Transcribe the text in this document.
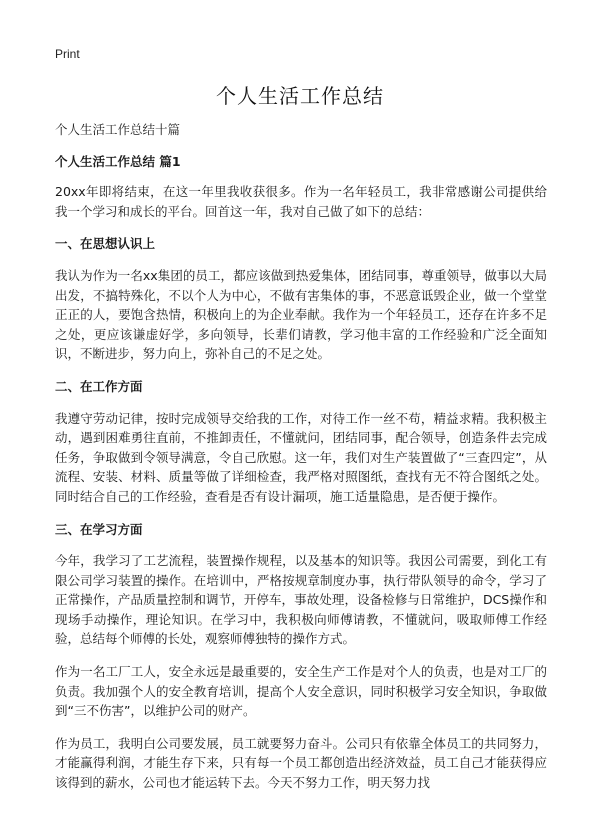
Print
个人生活工作总结

个人生活工作总结十篇

个人生活工作总结 篇1

20xx年即将结束，在这一年里我收获很多。作为一名年轻员工，我非常感谢公司提供给我一个学习和成长的平台。回首这一年，我对自己做了如下的总结：

一、在思想认识上

我认为作为一名xx集团的员工，都应该做到热爱集体，团结同事，尊重领导，做事以大局出发，不搞特殊化，不以个人为中心，不做有害集体的事，不恶意诋毁企业，做一个堂堂正正的人，要饱含热情，积极向上的为企业奉献。我作为一个年轻员工，还存在许多不足之处，更应该谦虚好学，多向领导，长辈们请教，学习他丰富的工作经验和广泛全面知识，不断进步，努力向上，弥补自己的不足之处。

二、在工作方面

我遵守劳动记律，按时完成领导交给我的工作，对待工作一丝不苟，精益求精。我积极主动，遇到困难勇往直前，不推卸责任，不懂就问，团结同事，配合领导，创造条件去完成任务，争取做到令领导满意，令自己欣慰。这一年，我们对生产装置做了“三查四定”，从流程、安装、材料、质量等做了详细检查，我严格对照图纸，查找有无不符合图纸之处。同时结合自己的工作经验，查看是否有设计漏项，施工适量隐患，是否便于操作。

三、在学习方面

今年，我学习了工艺流程，装置操作规程，以及基本的知识等。我因公司需要，到化工有限公司学习装置的操作。在培训中，严格按规章制度办事，执行带队领导的命令，学习了正常操作，产品质量控制和调节，开停车，事故处理，设备检修与日常维护，DCS操作和现场手动操作，理论知识。在学习中，我积极向师傅请教，不懂就问，吸取师傅工作经验，总结每个师傅的长处，观察师傅独特的操作方式。

作为一名工厂工人，安全永远是最重要的，安全生产工作是对个人的负责，也是对工厂的负责。我加强个人的安全教育培训，提高个人安全意识，同时积极学习安全知识，争取做到“三不伤害”，以维护公司的财产。

作为员工，我明白公司要发展，员工就要努力奋斗。公司只有依靠全体员工的共同努力，才能赢得利润，才能生存下来，只有每一个员工都创造出经济效益，员工自己才能获得应该得到的薪水，公司也才能运转下去。今天不努力工作，明天努力找
